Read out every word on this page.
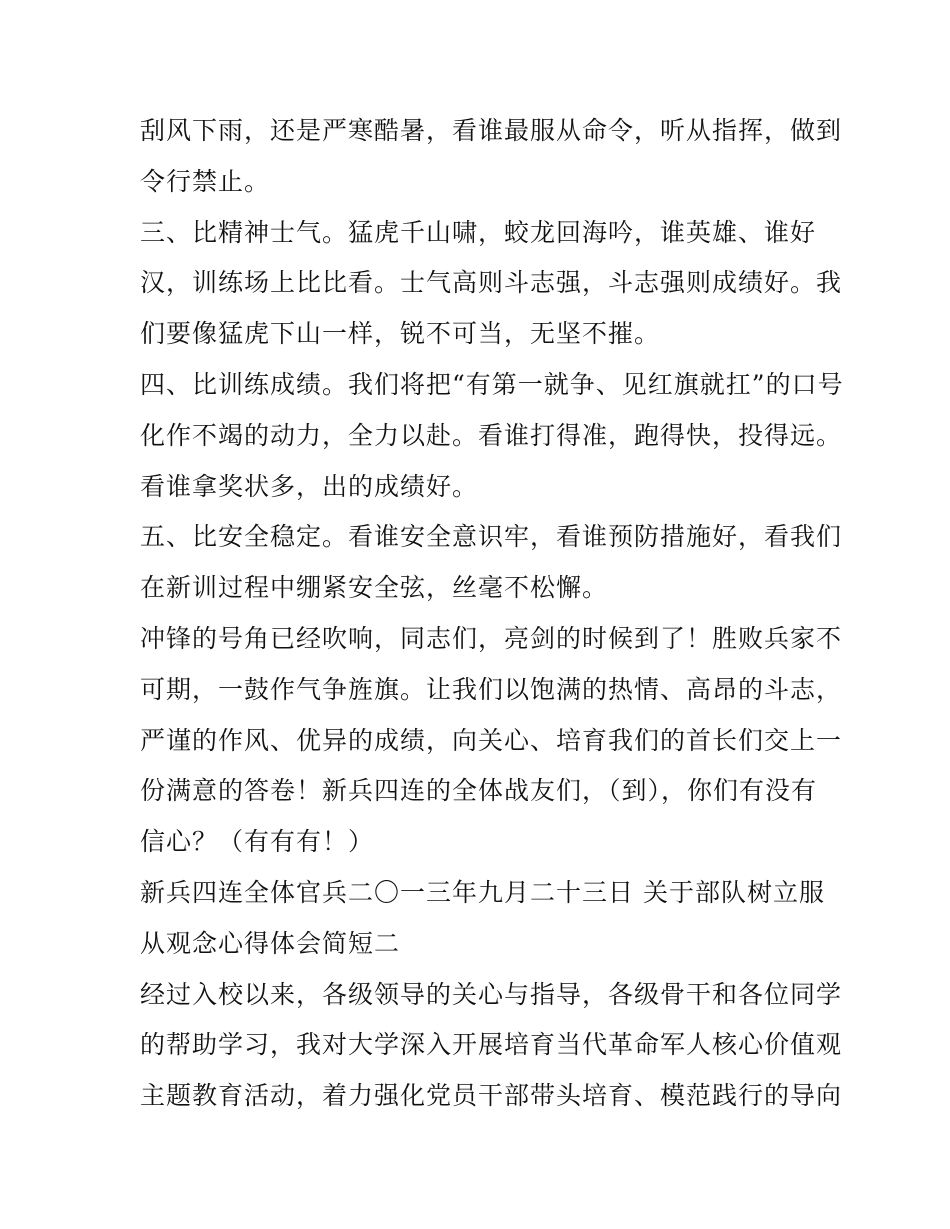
刮风下雨，还是严寒酷暑，看谁最服从命令，听从指挥，做到
令行禁止。
三、比精神士气。猛虎千山啸，蛟龙回海吟，谁英雄、谁好
汉，训练场上比比看。士气高则斗志强，斗志强则成绩好。我
们要像猛虎下山一样，锐不可当，无坚不摧。
四、比训练成绩。我们将把“有第一就争、见红旗就扛”的口号
化作不竭的动力，全力以赴。看谁打得准，跑得快，投得远。
看谁拿奖状多，出的成绩好。
五、比安全稳定。看谁安全意识牢，看谁预防措施好，看我们
在新训过程中绷紧安全弦，丝毫不松懈。
冲锋的号角已经吹响，同志们，亮剑的时候到了！胜败兵家不
可期，一鼓作气争旌旗。让我们以饱满的热情、高昂的斗志，
严谨的作风、优异的成绩，向关心、培育我们的首长们交上一
份满意的答卷！新兵四连的全体战友们，（到），你们有没有
信心？（有有有！）
新兵四连全体官兵二〇一三年九月二十三日 关于部队树立服
从观念心得体会简短二
经过入校以来，各级领导的关心与指导，各级骨干和各位同学
的帮助学习，我对大学深入开展培育当代革命军人核心价值观
主题教育活动，着力强化党员干部带头培育、模范践行的导向
